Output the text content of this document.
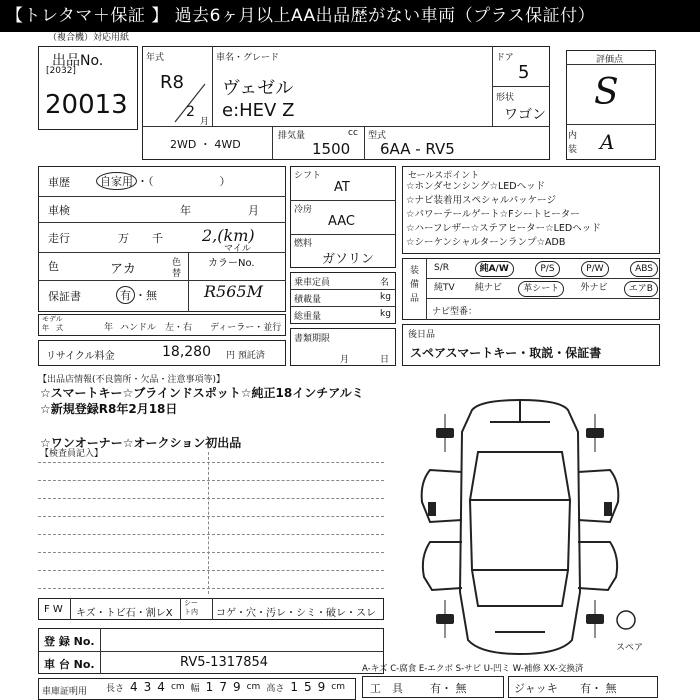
【トレタマ＋保証 】 過去6ヶ月以上AA出品歴がない車両（プラス保証付）
（複合機）対応用紙
出品No.
[2032]
20013
年式
R8
2
月
車名・グレード
ヴェゼル
e:HEV Z
ドア
5
形状
ワゴン
2WD ・ 4WD
排気量	cc
1500
型式
6AA - RV5
評価点
S
内
装 A
車歴	自家用 ・（　　　　　　）
車検	年	月
走行	万 千 2,(km)
マイル
色	アカ	色
替
カラーNo.
R565M
保証書	有 ・無
モデル
年　式	年 ハンドル　左・右 ディーラー・並行
リサイクル料金	18,280 円 預託済
シフト
AT
冷房
AAC
燃料
ガソリン
乗車定員	名
積載量	kg
総重量	kg
書類期限
月	日
セールスポイント
☆ホンダセンシング☆LEDヘッド
☆ナビ装着用スペシャルパッケージ
☆パワーテールゲート☆Fシートヒーター
☆ハーフレザー☆ステアヒーター☆LEDヘッド
☆シーケンシャルターンランプ☆ADB
装
備
品
S/R	純A/W	P/S	P/W	ABS
純TV	純ナビ	革シート	外ナビ	エアB
ナビ型番：
後日品
スペアスマートキー・取説・保証書
【出品店情報(不良箇所・欠品・注意事項等)】
☆スマートキー☆ブラインドスポット☆純正18インチアルミ
☆新規登録R8年2月18日
☆ワンオーナー☆オークション初出品
【検査員記入】
スペア
F W キズ・トビ石・割レX
シー
ト内 コゲ・穴・汚レ・シミ・破レ・スレ
登 録 No.
車 台 No.	RV5-1317854
車庫証明用 長さ 4 3 4 cm 幅 1 7 9 cm 高さ 1 5 9 cm
A-キズ C-腐食 E-エクボ S-サビ U-凹ミ W-補修 XX-交換済
工　具 有・ 無	ジャッキ 有・ 無
